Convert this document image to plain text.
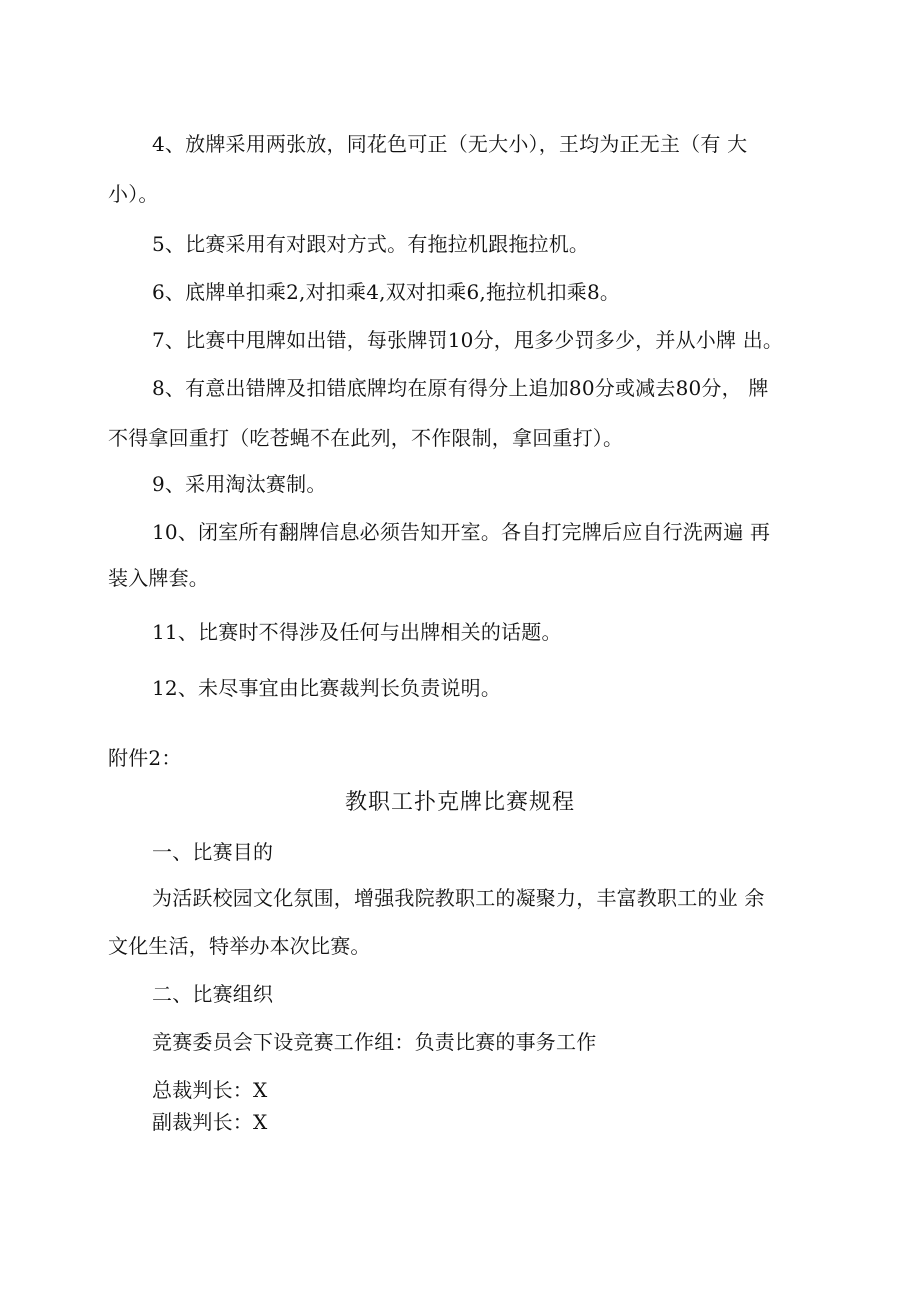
4、放牌采用两张放，同花色可正（无大小），王均为正无主（有 大
小）。
5、比赛采用有对跟对方式。有拖拉机跟拖拉机。
6、底牌单扣乘2,对扣乘4,双对扣乘6,拖拉机扣乘8。
7、比赛中甩牌如出错，每张牌罚10分，甩多少罚多少，并从小牌 出。
8、有意出错牌及扣错底牌均在原有得分上追加80分或减去80分， 牌
不得拿回重打（吃苍蝇不在此列，不作限制，拿回重打）。
9、采用淘汰赛制。
10、闭室所有翻牌信息必须告知开室。各自打完牌后应自行洗两遍 再
装入牌套。
11、比赛时不得涉及任何与出牌相关的话题。
12、未尽事宜由比赛裁判长负责说明。
附件2：
教职工扑克牌比赛规程
一、比赛目的
为活跃校园文化氛围，增强我院教职工的凝聚力，丰富教职工的业 余
文化生活，特举办本次比赛。
二、比赛组织
竞赛委员会下设竞赛工作组：负责比赛的事务工作
总裁判长：X
副裁判长：X
